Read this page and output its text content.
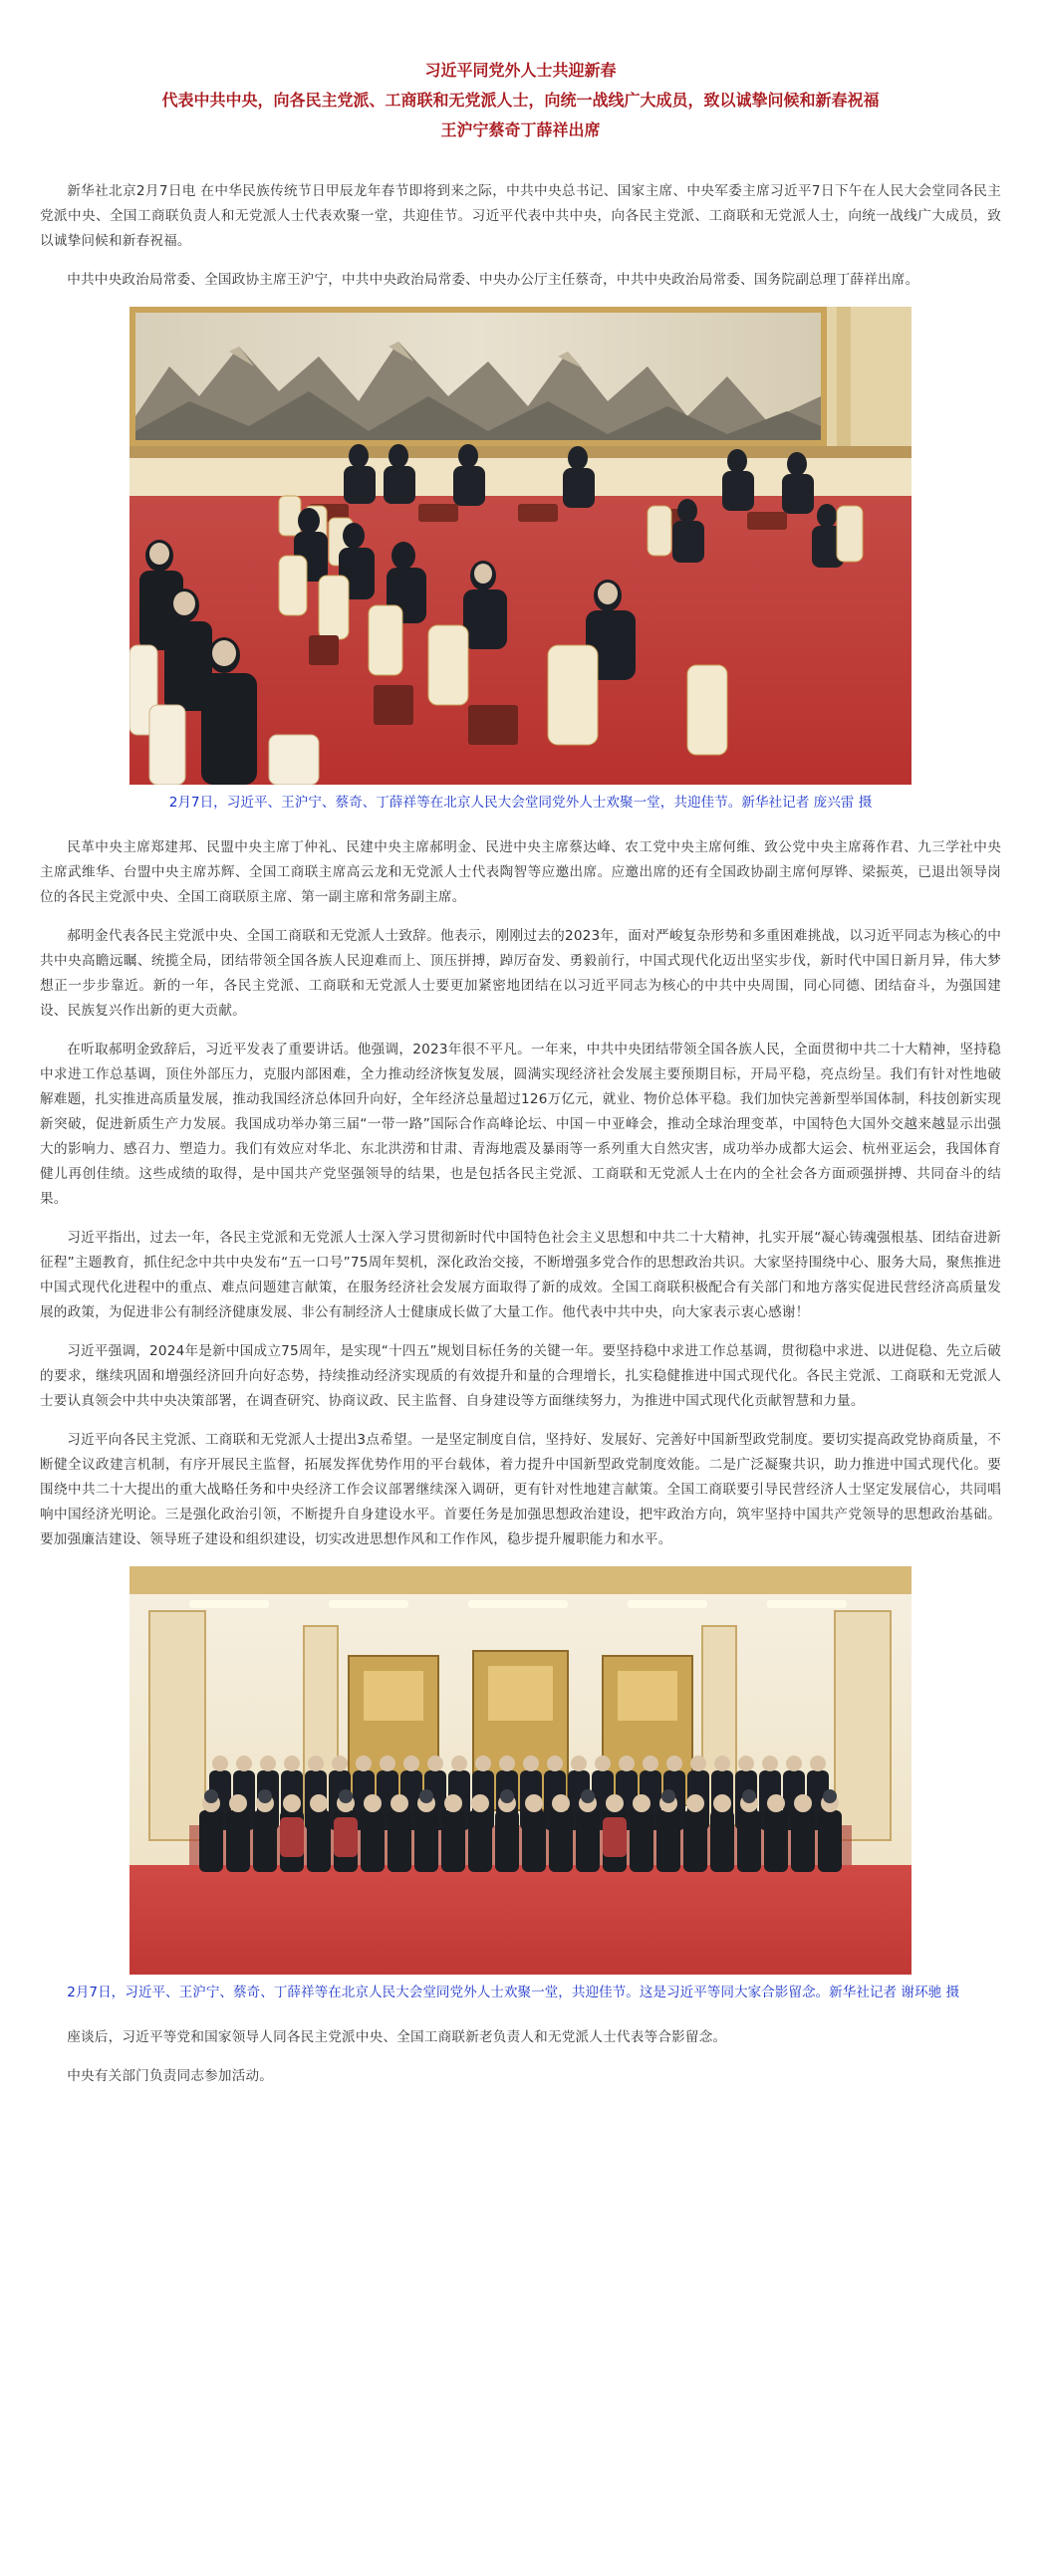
习近平同党外人士共迎新春

代表中共中央，向各民主党派、工商联和无党派人士，向统一战线广大成员，致以诚挚问候和新春祝福

王沪宁蔡奇丁薛祥出席

新华社北京2月7日电 在中华民族传统节日甲辰龙年春节即将到来之际，中共中央总书记、国家主席、中央军委主席习近平7日下午在人民大会堂同各民主党派中央、全国工商联负责人和无党派人士代表欢聚一堂，共迎佳节。习近平代表中共中央，向各民主党派、工商联和无党派人士，向统一战线广大成员，致以诚挚问候和新春祝福。

中共中央政治局常委、全国政协主席王沪宁，中共中央政治局常委、中央办公厅主任蔡奇，中共中央政治局常委、国务院副总理丁薛祥出席。

2月7日，习近平、王沪宁、蔡奇、丁薛祥等在北京人民大会堂同党外人士欢聚一堂，共迎佳节。新华社记者 庞兴雷 摄

民革中央主席郑建邦、民盟中央主席丁仲礼、民建中央主席郝明金、民进中央主席蔡达峰、农工党中央主席何维、致公党中央主席蒋作君、九三学社中央主席武维华、台盟中央主席苏辉、全国工商联主席高云龙和无党派人士代表陶智等应邀出席。应邀出席的还有全国政协副主席何厚铧、梁振英，已退出领导岗位的各民主党派中央、全国工商联原主席、第一副主席和常务副主席。

郝明金代表各民主党派中央、全国工商联和无党派人士致辞。他表示，刚刚过去的2023年，面对严峻复杂形势和多重困难挑战，以习近平同志为核心的中共中央高瞻远瞩、统揽全局，团结带领全国各族人民迎难而上、顶压拼搏，踔厉奋发、勇毅前行，中国式现代化迈出坚实步伐，新时代中国日新月异，伟大梦想正一步步靠近。新的一年，各民主党派、工商联和无党派人士要更加紧密地团结在以习近平同志为核心的中共中央周围，同心同德、团结奋斗，为强国建设、民族复兴作出新的更大贡献。

在听取郝明金致辞后，习近平发表了重要讲话。他强调，2023年很不平凡。一年来，中共中央团结带领全国各族人民，全面贯彻中共二十大精神，坚持稳中求进工作总基调，顶住外部压力，克服内部困难，全力推动经济恢复发展，圆满实现经济社会发展主要预期目标，开局平稳，亮点纷呈。我们有针对性地破解难题，扎实推进高质量发展，推动我国经济总体回升向好，全年经济总量超过126万亿元，就业、物价总体平稳。我们加快完善新型举国体制，科技创新实现新突破，促进新质生产力发展。我国成功举办第三届“一带一路”国际合作高峰论坛、中国－中亚峰会，推动全球治理变革，中国特色大国外交越来越显示出强大的影响力、感召力、塑造力。我们有效应对华北、东北洪涝和甘肃、青海地震及暴雨等一系列重大自然灾害，成功举办成都大运会、杭州亚运会，我国体育健儿再创佳绩。这些成绩的取得，是中国共产党坚强领导的结果，也是包括各民主党派、工商联和无党派人士在内的全社会各方面顽强拼搏、共同奋斗的结果。

习近平指出，过去一年，各民主党派和无党派人士深入学习贯彻新时代中国特色社会主义思想和中共二十大精神，扎实开展“凝心铸魂强根基、团结奋进新征程”主题教育，抓住纪念中共中央发布“五一口号”75周年契机，深化政治交接，不断增强多党合作的思想政治共识。大家坚持围绕中心、服务大局，聚焦推进中国式现代化进程中的重点、难点问题建言献策，在服务经济社会发展方面取得了新的成效。全国工商联积极配合有关部门和地方落实促进民营经济高质量发展的政策，为促进非公有制经济健康发展、非公有制经济人士健康成长做了大量工作。他代表中共中央，向大家表示衷心感谢！

习近平强调，2024年是新中国成立75周年，是实现“十四五”规划目标任务的关键一年。要坚持稳中求进工作总基调，贯彻稳中求进、以进促稳、先立后破的要求，继续巩固和增强经济回升向好态势，持续推动经济实现质的有效提升和量的合理增长，扎实稳健推进中国式现代化。各民主党派、工商联和无党派人士要认真领会中共中央决策部署，在调查研究、协商议政、民主监督、自身建设等方面继续努力，为推进中国式现代化贡献智慧和力量。

习近平向各民主党派、工商联和无党派人士提出3点希望。一是坚定制度自信，坚持好、发展好、完善好中国新型政党制度。要切实提高政党协商质量，不断健全议政建言机制，有序开展民主监督，拓展发挥优势作用的平台载体，着力提升中国新型政党制度效能。二是广泛凝聚共识，助力推进中国式现代化。要围绕中共二十大提出的重大战略任务和中央经济工作会议部署继续深入调研，更有针对性地建言献策。全国工商联要引导民营经济人士坚定发展信心，共同唱响中国经济光明论。三是强化政治引领，不断提升自身建设水平。首要任务是加强思想政治建设，把牢政治方向，筑牢坚持中国共产党领导的思想政治基础。要加强廉洁建设、领导班子建设和组织建设，切实改进思想作风和工作作风，稳步提升履职能力和水平。

2月7日，习近平、王沪宁、蔡奇、丁薛祥等在北京人民大会堂同党外人士欢聚一堂，共迎佳节。这是习近平等同大家合影留念。新华社记者 谢环驰 摄

座谈后，习近平等党和国家领导人同各民主党派中央、全国工商联新老负责人和无党派人士代表等合影留念。

中央有关部门负责同志参加活动。
